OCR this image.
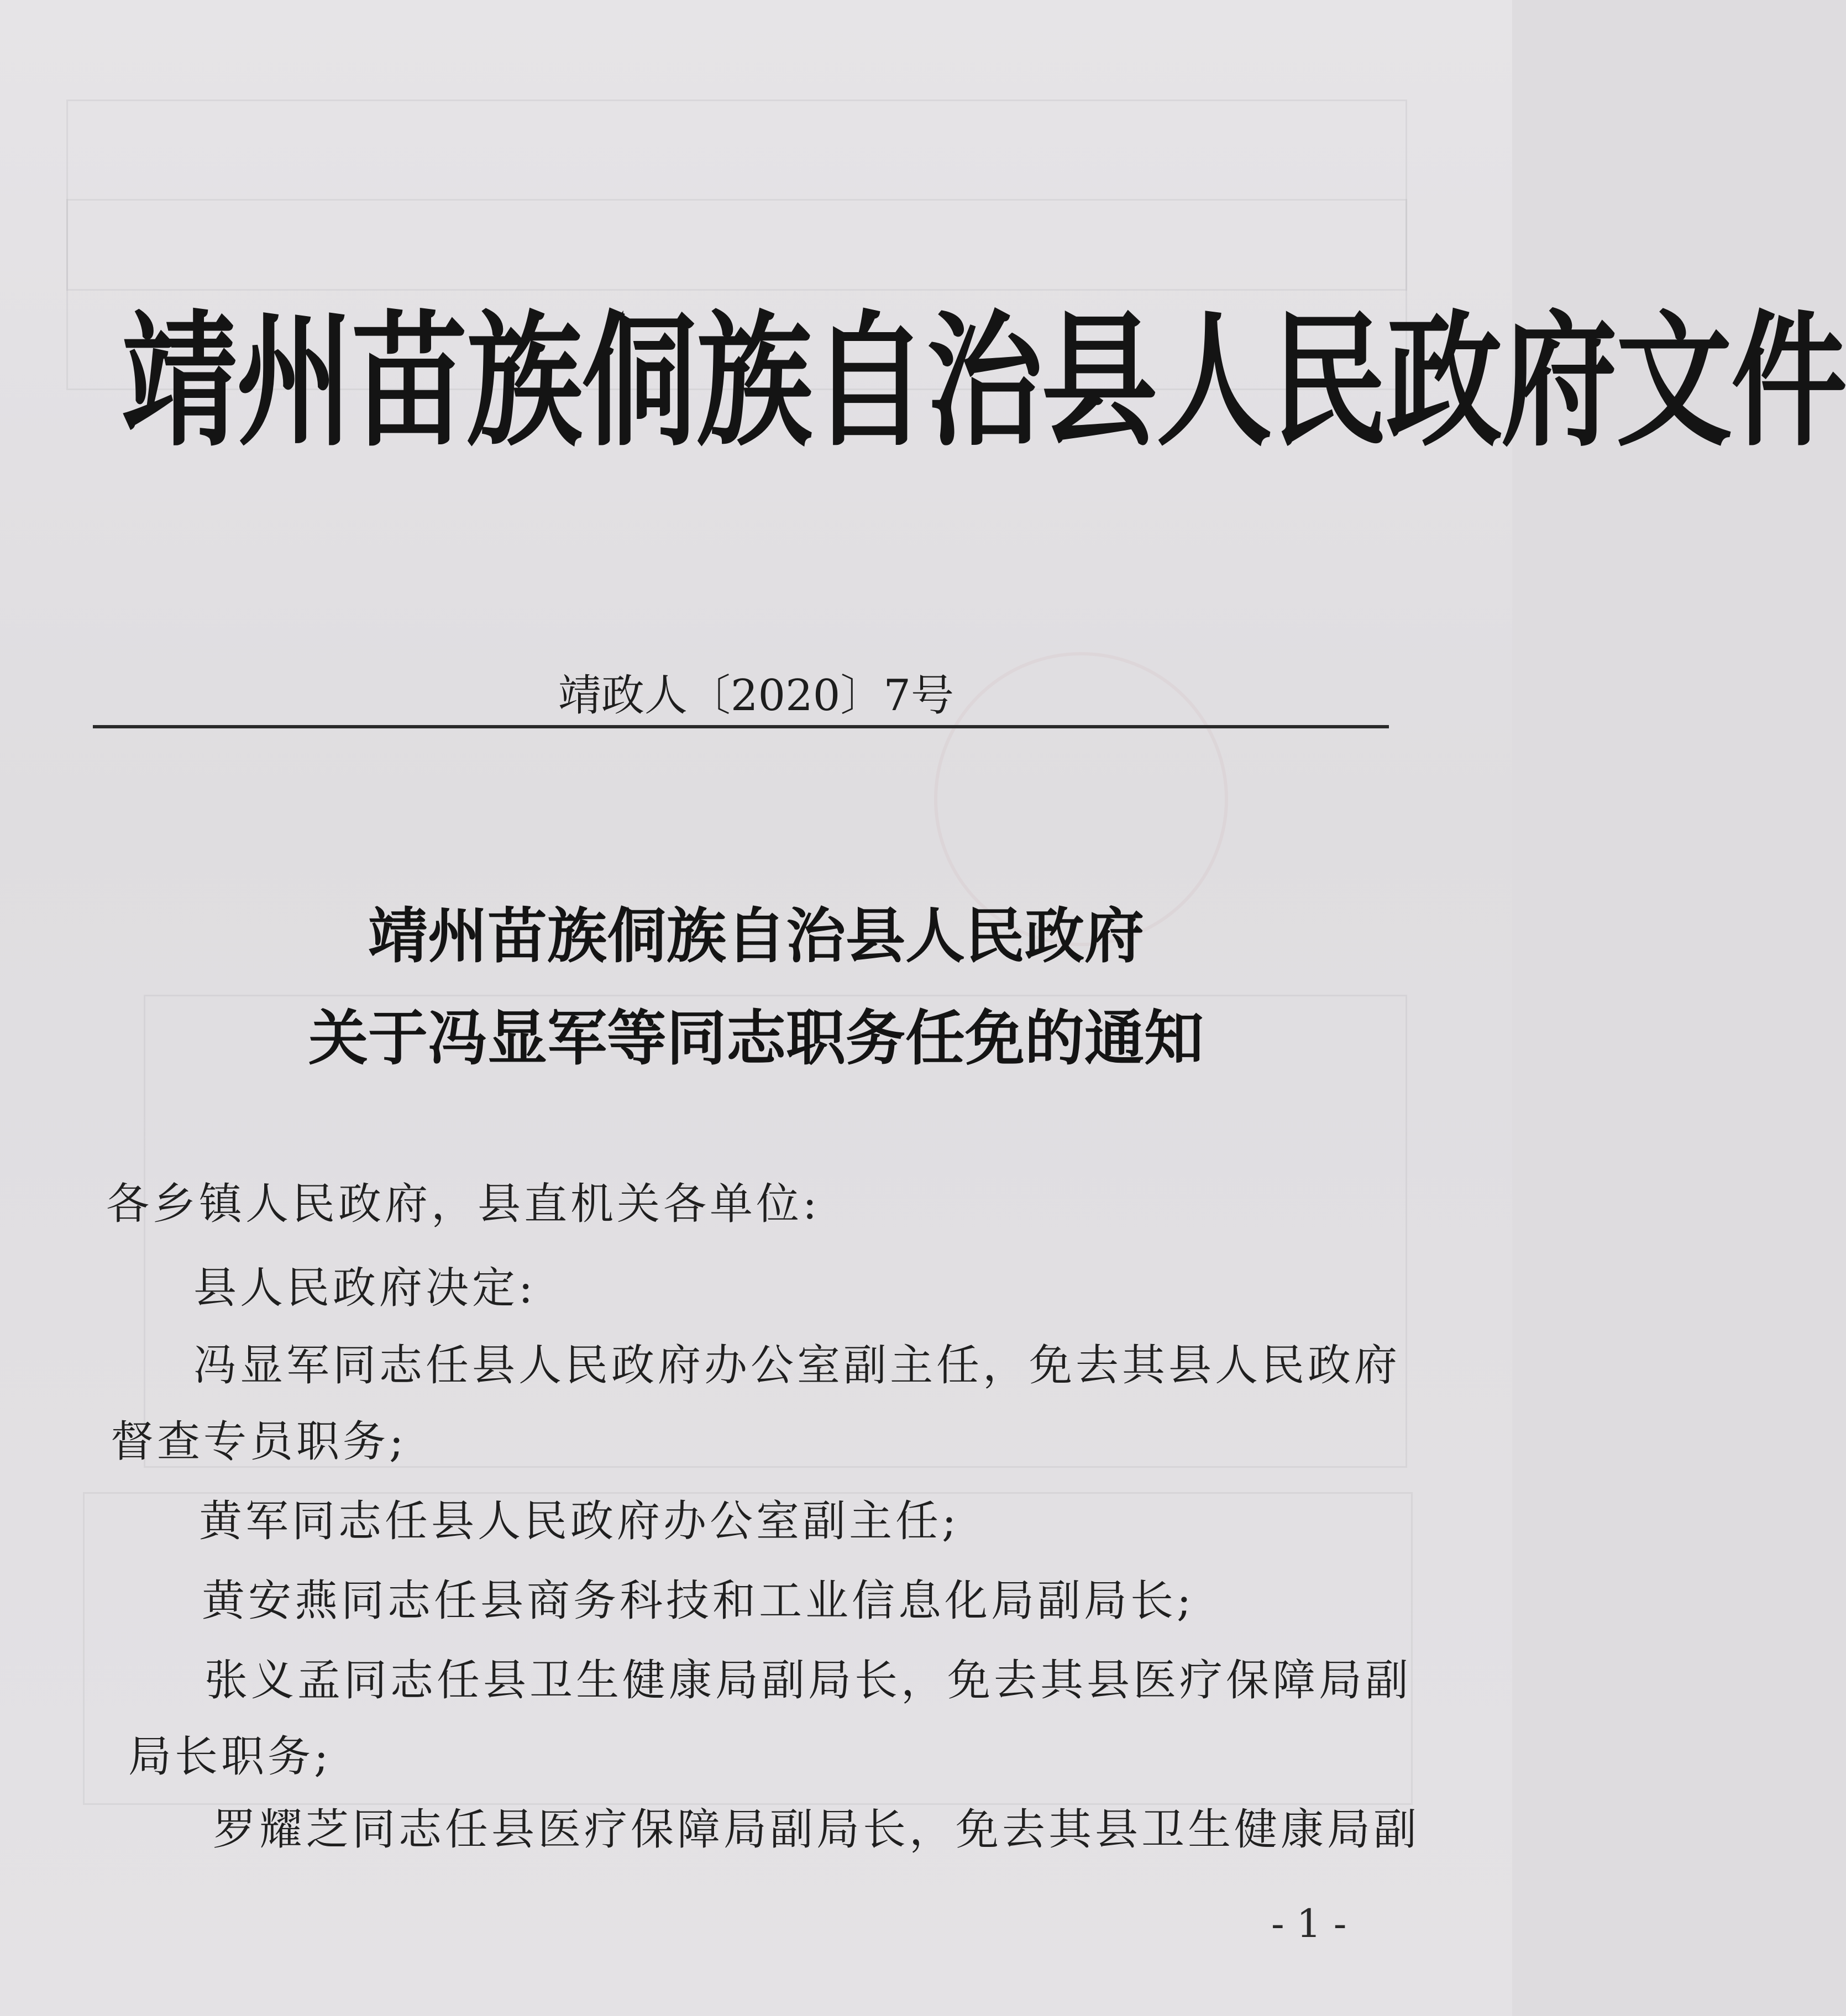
靖州苗族侗族自治县人民政府文件
靖政人〔2020〕7号
靖州苗族侗族自治县人民政府
关于冯显军等同志职务任免的通知
各乡镇人民政府，县直机关各单位:
县人民政府决定:
冯显军同志任县人民政府办公室副主任，免去其县人民政府
督查专员职务;
黄军同志任县人民政府办公室副主任;
黄安燕同志任县商务科技和工业信息化局副局长;
张义孟同志任县卫生健康局副局长，免去其县医疗保障局副
局长职务;
罗耀芝同志任县医疗保障局副局长，免去其县卫生健康局副
- 1 -
